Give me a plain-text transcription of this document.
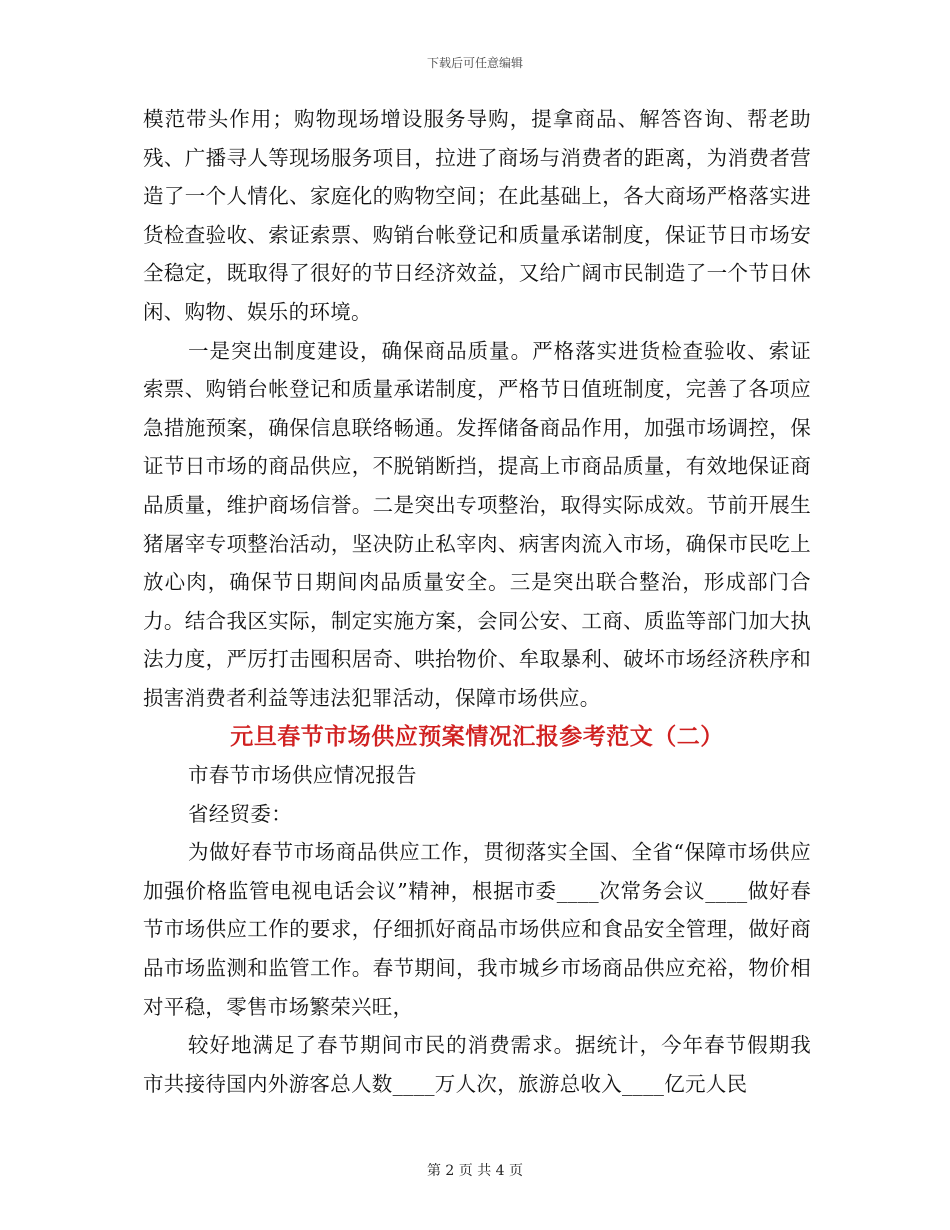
下载后可任意编辑

模范带头作用；购物现场增设服务导购，提拿商品、解答咨询、帮老助残、广播寻人等现场服务项目，拉进了商场与消费者的距离，为消费者营造了一个人情化、家庭化的购物空间；在此基础上，各大商场严格落实进货检查验收、索证索票、购销台帐登记和质量承诺制度，保证节日市场安全稳定，既取得了很好的节日经济效益，又给广阔市民制造了一个节日休闲、购物、娱乐的环境。

一是突出制度建设，确保商品质量。严格落实进货检查验收、索证索票、购销台帐登记和质量承诺制度，严格节日值班制度，完善了各项应急措施预案，确保信息联络畅通。发挥储备商品作用，加强市场调控，保证节日市场的商品供应，不脱销断挡，提高上市商品质量，有效地保证商品质量，维护商场信誉。二是突出专项整治，取得实际成效。节前开展生猪屠宰专项整治活动，坚决防止私宰肉、病害肉流入市场，确保市民吃上放心肉，确保节日期间肉品质量安全。三是突出联合整治，形成部门合力。结合我区实际，制定实施方案，会同公安、工商、质监等部门加大执法力度，严厉打击囤积居奇、哄抬物价、牟取暴利、破坏市场经济秩序和损害消费者利益等违法犯罪活动，保障市场供应。

元旦春节市场供应预案情况汇报参考范文（二）

市春节市场供应情况报告

省经贸委：

为做好春节市场商品供应工作，贯彻落实全国、全省“保障市场供应加强价格监管电视电话会议”精神，根据市委____次常务会议____做好春节市场供应工作的要求，仔细抓好商品市场供应和食品安全管理，做好商品市场监测和监管工作。春节期间，我市城乡市场商品供应充裕，物价相对平稳，零售市场繁荣兴旺，

较好地满足了春节期间市民的消费需求。据统计，今年春节假期我市共接待国内外游客总人数____万人次，旅游总收入____亿元人民

第 2 页 共 4 页
